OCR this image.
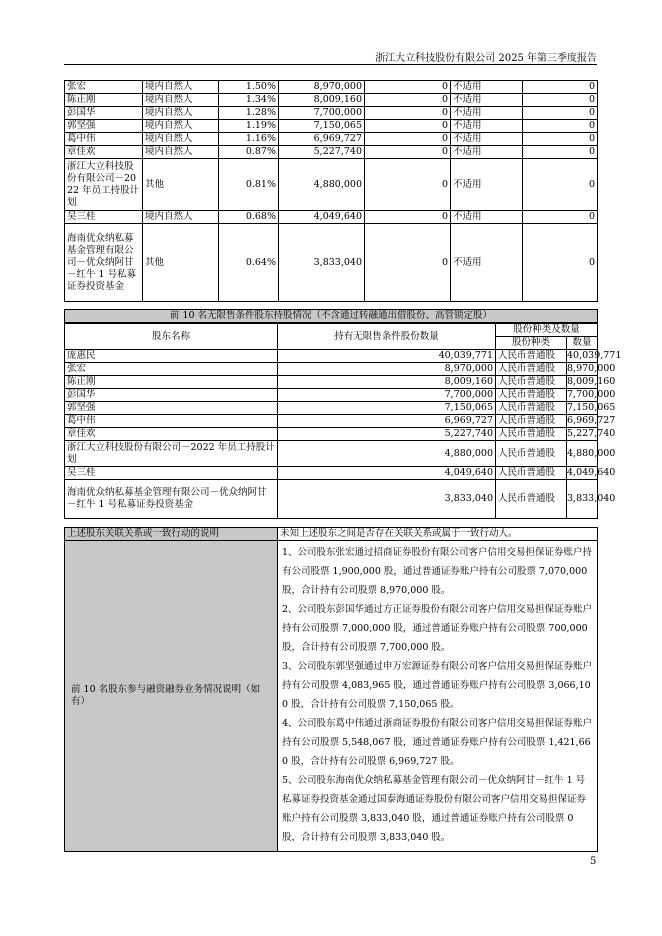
浙江大立科技股份有限公司 2025 年第三季度报告
张宏	境内自然人	1.50%	8,970,000	0	不适用	0
陈正刚	境内自然人	1.34%	8,009,160	0	不适用	0
彭国华	境内自然人	1.28%	7,700,000	0	不适用	0
郭坚强	境内自然人	1.19%	7,150,065	0	不适用	0
葛中伟	境内自然人	1.16%	6,969,727	0	不适用	0
章佳欢	境内自然人	0.87%	5,227,740	0	不适用	0
浙江大立科技股份有限公司－2022 年员工持股计划	其他	0.81%	4,880,000	0	不适用	0
吴三桂	境内自然人	0.68%	4,049,640	0	不适用	0
海南优众纳私募基金管理有限公司－优众纳阿甘－红牛 1 号私募证券投资基金	其他	0.64%	3,833,040	0	不适用	0
前 10 名无限售条件股东持股情况（不含通过转融通出借股份、高管锁定股）
股东名称	持有无限售条件股份数量	股份种类及数量	
		股份种类	数量
庞惠民	40,039,771	人民币普通股	40,039,771
张宏	8,970,000	人民币普通股	8,970,000
陈正刚	8,009,160	人民币普通股	8,009,160
彭国华	7,700,000	人民币普通股	7,700,000
郭坚强	7,150,065	人民币普通股	7,150,065
葛中伟	6,969,727	人民币普通股	6,969,727
章佳欢	5,227,740	人民币普通股	5,227,740
浙江大立科技股份有限公司－2022 年员工持股计划	4,880,000	人民币普通股	4,880,000
吴三桂	4,049,640	人民币普通股	4,049,640
海南优众纳私募基金管理有限公司－优众纳阿甘－红牛 1 号私募证券投资基金	3,833,040	人民币普通股	3,833,040
上述股东关联关系或一致行动的说明	未知上述股东之间是否存在关联关系或属于一致行动人。
前 10 名股东参与融资融券业务情况说明（如有）	1、公司股东张宏通过招商证券股份有限公司客户信用交易担保证券账户持有公司股票 1,900,000 股，通过普通证券账户持有公司股票 7,070,000 股，合计持有公司股票 8,970,000 股。

2、公司股东彭国华通过方正证券股份有限公司客户信用交易担保证券账户持有公司股票 7,000,000 股，通过普通证券账户持有公司股票 700,000 股，合计持有公司股票 7,700,000 股。

3、公司股东郭坚强通过申万宏源证券有限公司客户信用交易担保证券账户持有公司股票 4,083,965 股，通过普通证券账户持有公司股票 3,066,100 股，合计持有公司股票 7,150,065 股。

4、公司股东葛中伟通过浙商证券股份有限公司客户信用交易担保证券账户持有公司股票 5,548,067 股，通过普通证券账户持有公司股票 1,421,660 股，合计持有公司股票 6,969,727 股。

5、公司股东海南优众纳私募基金管理有限公司－优众纳阿甘－红牛 1 号私募证券投资基金通过国泰海通证券股份有限公司客户信用交易担保证券账户持有公司股票 3,833,040 股，通过普通证券账户持有公司股票 0 股，合计持有公司股票 3,833,040 股。

5
